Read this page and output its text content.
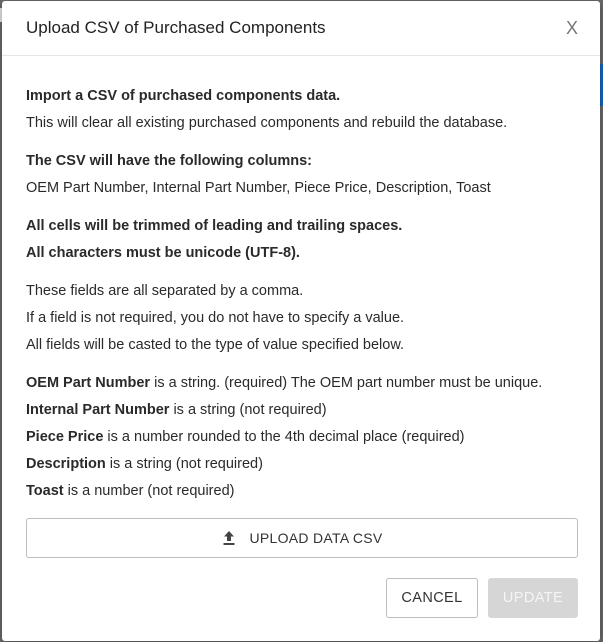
Upload CSV of Purchased Components	X
Import a CSV of purchased components data.
This will clear all existing purchased components and rebuild the database.
The CSV will have the following columns:
OEM Part Number, Internal Part Number, Piece Price, Description, Toast
All cells will be trimmed of leading and trailing spaces.
All characters must be unicode (UTF-8).
These fields are all separated by a comma.
If a field is not required, you do not have to specify a value.
All fields will be casted to the type of value specified below.
OEM Part Number is a string. (required) The OEM part number must be unique.
Internal Part Number is a string (not required)
Piece Price is a number rounded to the 4th decimal place (required)
Description is a string (not required)
Toast is a number (not required)
UPLOAD DATA CSV
CANCEL	UPDATE
